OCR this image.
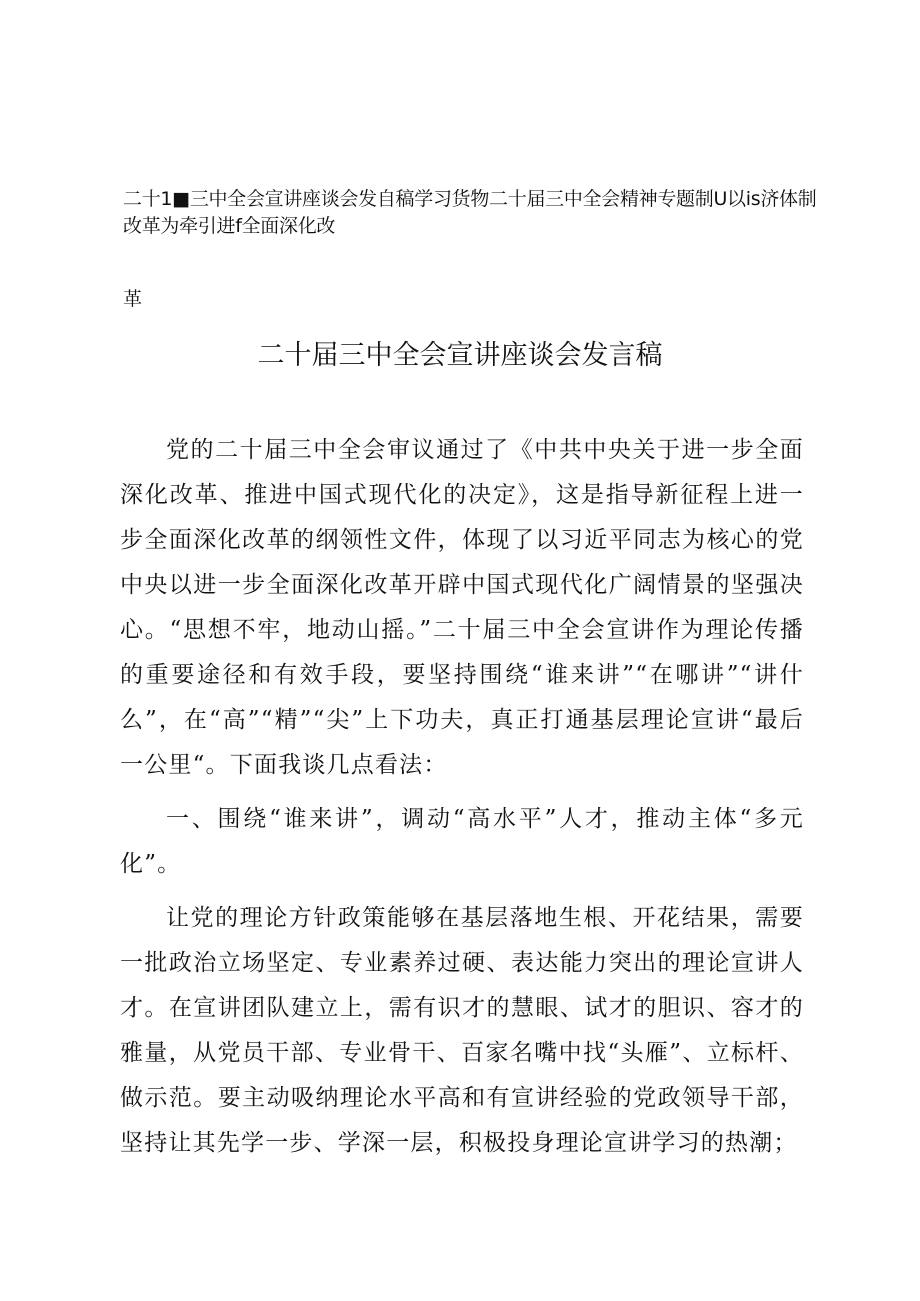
二十1■三中全会宣讲座谈会发自稿学习货物二十届三中全会精神专题制U以is济体制改革为牵引进f全面深化改
革
二十届三中全会宣讲座谈会发言稿

党的二十届三中全会审议通过了《中共中央关于进一步全面深化改革、推进中国式现代化的决定》，这是指导新征程上进一步全面深化改革的纲领性文件，体现了以习近平同志为核心的党中央以进一步全面深化改革开辟中国式现代化广阔情景的坚强决心。“思想不牢，地动山摇。”二十届三中全会宣讲作为理论传播的重要途径和有效手段，要坚持围绕“谁来讲”“在哪讲”“讲什么”，在“高”“精”“尖”上下功夫，真正打通基层理论宣讲“最后一公里“。下面我谈几点看法：

一、围绕“谁来讲”，调动“高水平”人才，推动主体“多元化”。

让党的理论方针政策能够在基层落地生根、开花结果，需要一批政治立场坚定、专业素养过硬、表达能力突出的理论宣讲人才。在宣讲团队建立上，需有识才的慧眼、试才的胆识、容才的雅量，从党员干部、专业骨干、百家名嘴中找“头雁”、立标杆、做示范。要主动吸纳理论水平高和有宣讲经验的党政领导干部，坚持让其先学一步、学深一层，积极投身理论宣讲学习的热潮；
